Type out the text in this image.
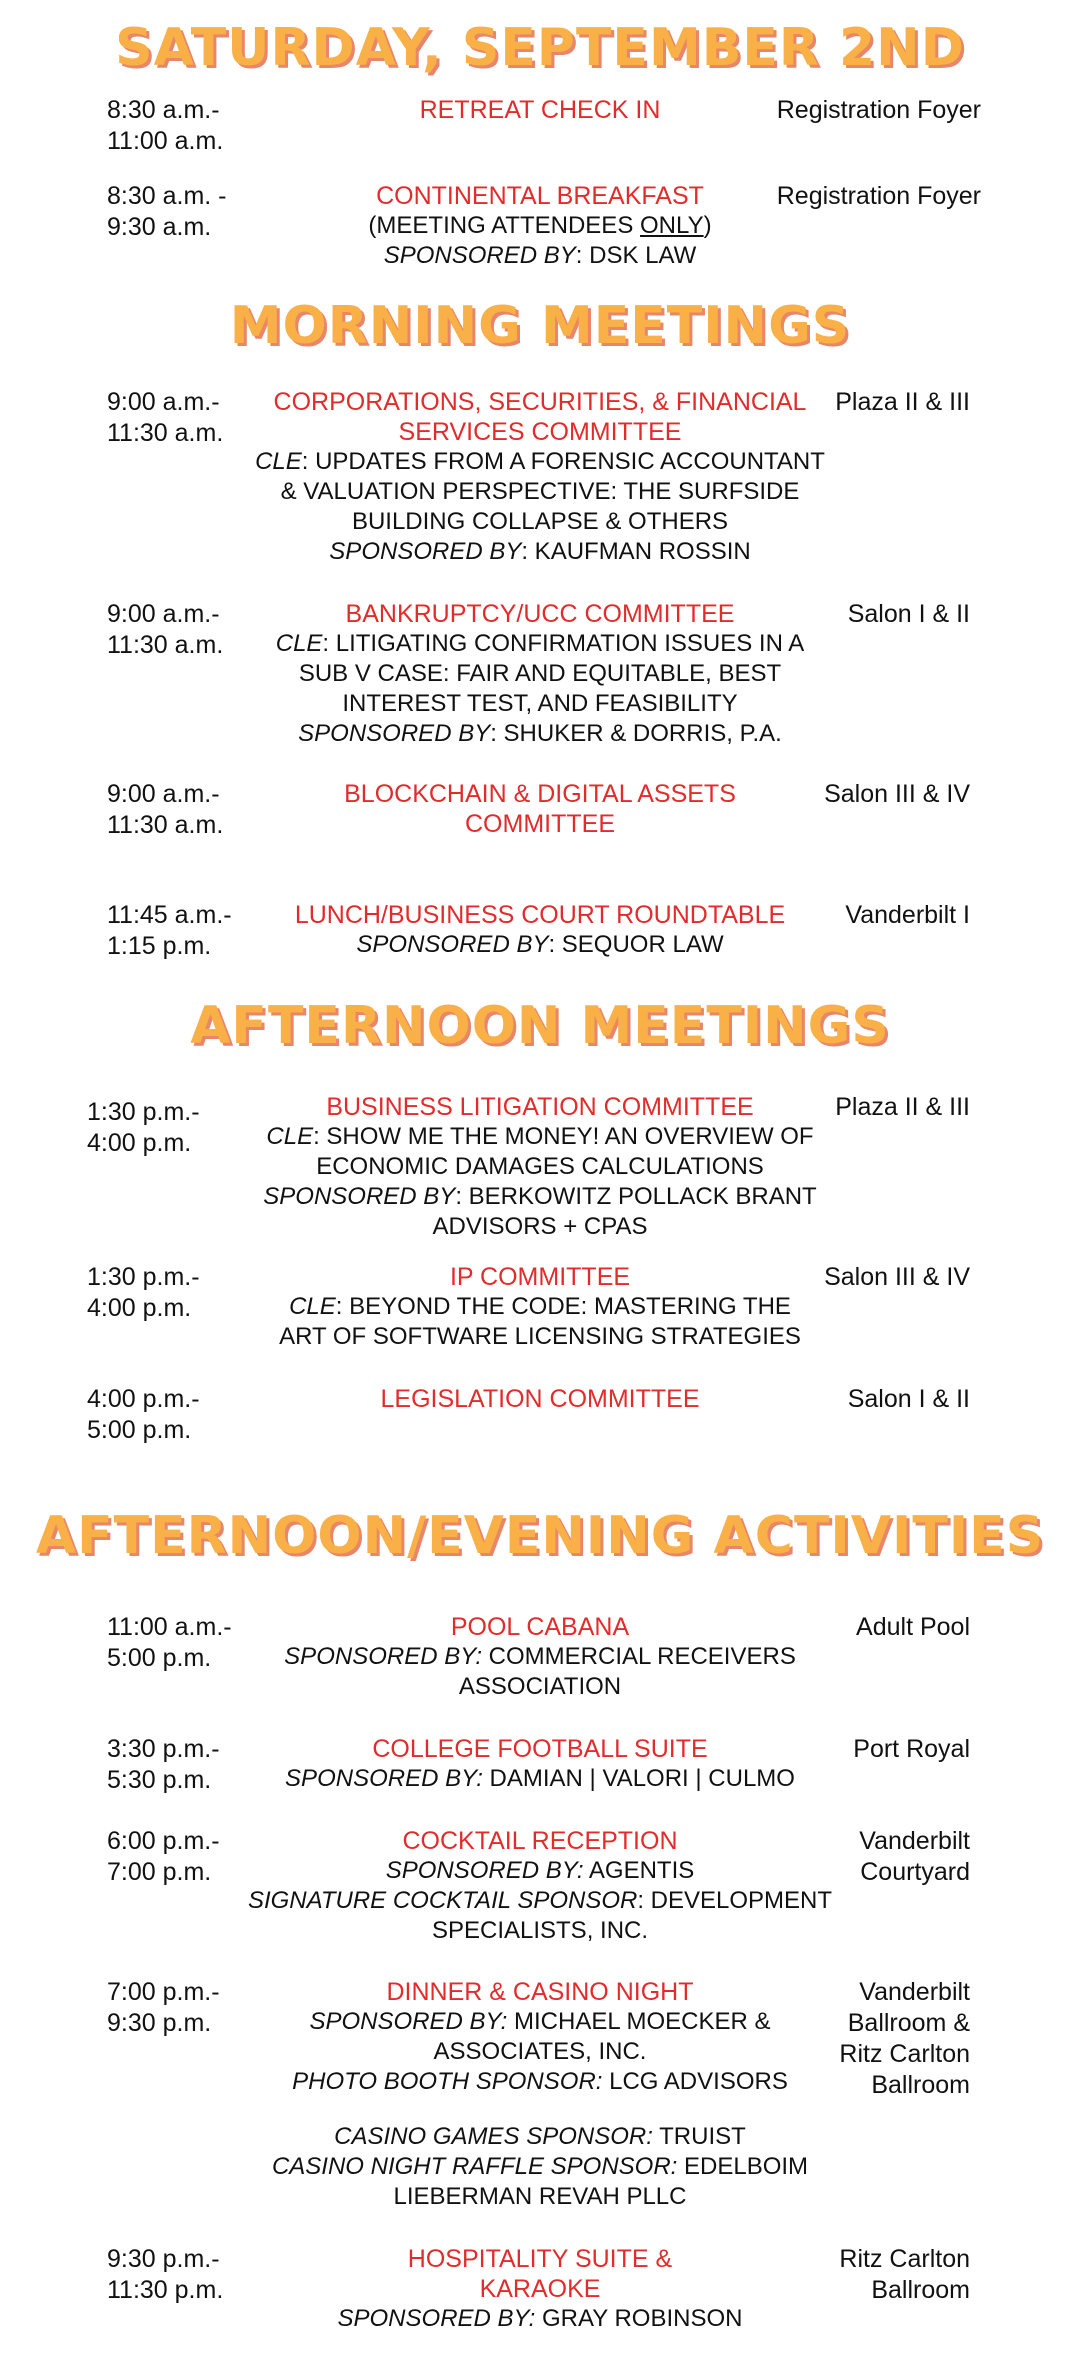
SATURDAY, SEPTEMBER 2ND
MORNING MEETINGS
AFTERNOON MEETINGS
AFTERNOON/EVENING ACTIVITIES
8:30 a.m.-
11:00 a.m.
RETREAT CHECK IN	Registration Foyer
8:30 a.m. -
9:30 a.m.
CONTINENTAL BREAKFAST
(MEETING ATTENDEES ONLY)
SPONSORED BY: DSK LAW
Registration Foyer
9:00 a.m.-
11:30 a.m.
CORPORATIONS, SECURITIES, & FINANCIAL SERVICES COMMITTEE
CLE: UPDATES FROM A FORENSIC ACCOUNTANT & VALUATION PERSPECTIVE: THE SURFSIDE BUILDING COLLAPSE & OTHERS
SPONSORED BY: KAUFMAN ROSSIN
Plaza II & III
9:00 a.m.-
11:30 a.m.
BANKRUPTCY/UCC COMMITTEE
CLE: LITIGATING CONFIRMATION ISSUES IN A SUB V CASE: FAIR AND EQUITABLE, BEST INTEREST TEST, AND FEASIBILITY
SPONSORED BY: SHUKER & DORRIS, P.A.
Salon I & II
9:00 a.m.-
11:30 a.m.
BLOCKCHAIN & DIGITAL ASSETS COMMITTEE
Salon III & IV
11:45 a.m.-
1:15 p.m.
LUNCH/BUSINESS COURT ROUNDTABLE
SPONSORED BY: SEQUOR LAW
Vanderbilt I
1:30 p.m.-
4:00 p.m.
BUSINESS LITIGATION COMMITTEE
CLE: SHOW ME THE MONEY! AN OVERVIEW OF ECONOMIC DAMAGES CALCULATIONS
SPONSORED BY: BERKOWITZ POLLACK BRANT ADVISORS + CPAS
Plaza II & III
1:30 p.m.-
4:00 p.m.
IP COMMITTEE
CLE: BEYOND THE CODE: MASTERING THE ART OF SOFTWARE LICENSING STRATEGIES
Salon III & IV
4:00 p.m.-
5:00 p.m.
LEGISLATION COMMITTEE	Salon I & II
11:00 a.m.-
5:00 p.m.
POOL CABANA
SPONSORED BY: COMMERCIAL RECEIVERS ASSOCIATION
Adult Pool
3:30 p.m.-
5:30 p.m.
COLLEGE FOOTBALL SUITE
SPONSORED BY: DAMIAN | VALORI | CULMO
Port Royal
6:00 p.m.-
7:00 p.m.
COCKTAIL RECEPTION
SPONSORED BY: AGENTIS
SIGNATURE COCKTAIL SPONSOR: DEVELOPMENT SPECIALISTS, INC.
Vanderbilt
Courtyard
7:00 p.m.-
9:30 p.m.
DINNER & CASINO NIGHT
SPONSORED BY: MICHAEL MOECKER & ASSOCIATES, INC.
PHOTO BOOTH SPONSOR: LCG ADVISORS
CASINO GAMES SPONSOR: TRUIST
CASINO NIGHT RAFFLE SPONSOR: EDELBOIM LIEBERMAN REVAH PLLC
Vanderbilt
Ballroom &
Ritz Carlton
Ballroom
9:30 p.m.-
11:30 p.m.
HOSPITALITY SUITE & KARAOKE
SPONSORED BY: GRAY ROBINSON
Ritz Carlton
Ballroom
